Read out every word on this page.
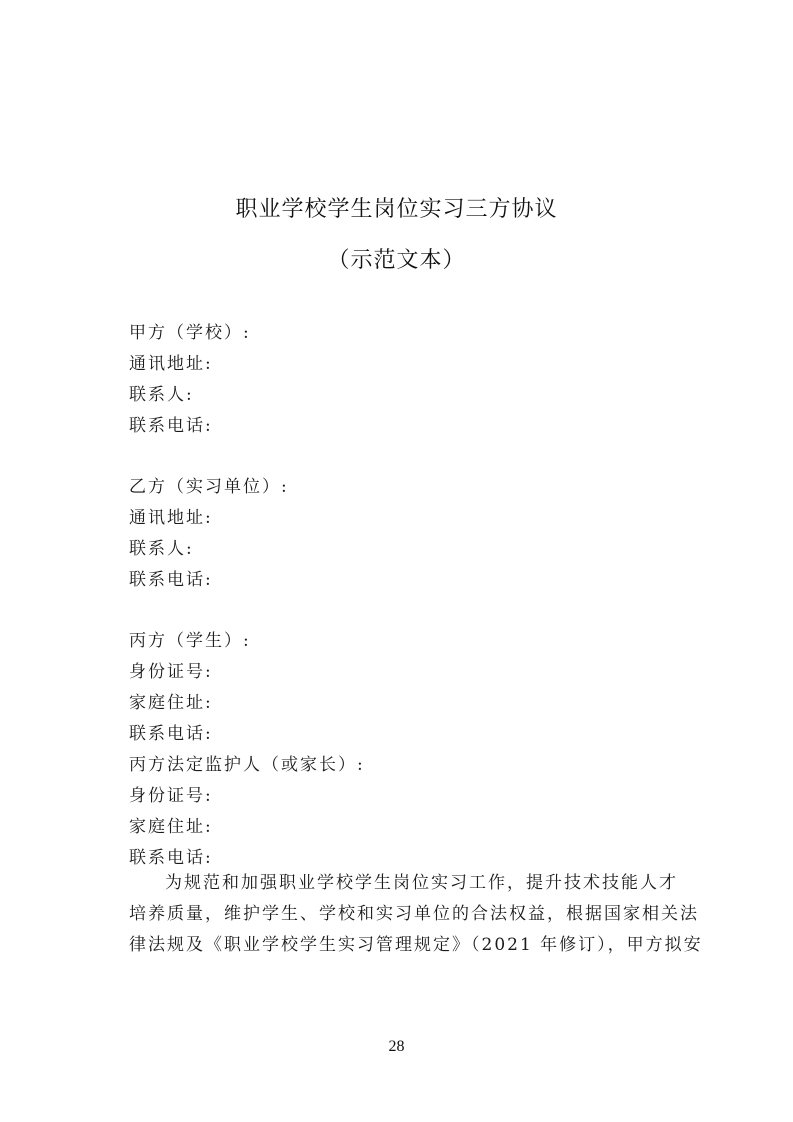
职业学校学生岗位实习三方协议
（示范文本）
甲方（学校）:
通讯地址:
联系人:
联系电话:
乙方（实习单位）:
通讯地址:
联系人:
联系电话:
丙方（学生）:
身份证号:
家庭住址:
联系电话:
丙方法定监护人（或家长）:
身份证号:
家庭住址:
联系电话:
为规范和加强职业学校学生岗位实习工作，提升技术技能人才
培养质量，维护学生、学校和实习单位的合法权益，根据国家相关法
律法规及《职业学校学生实习管理规定》（2021 年修订），甲方拟安
28
